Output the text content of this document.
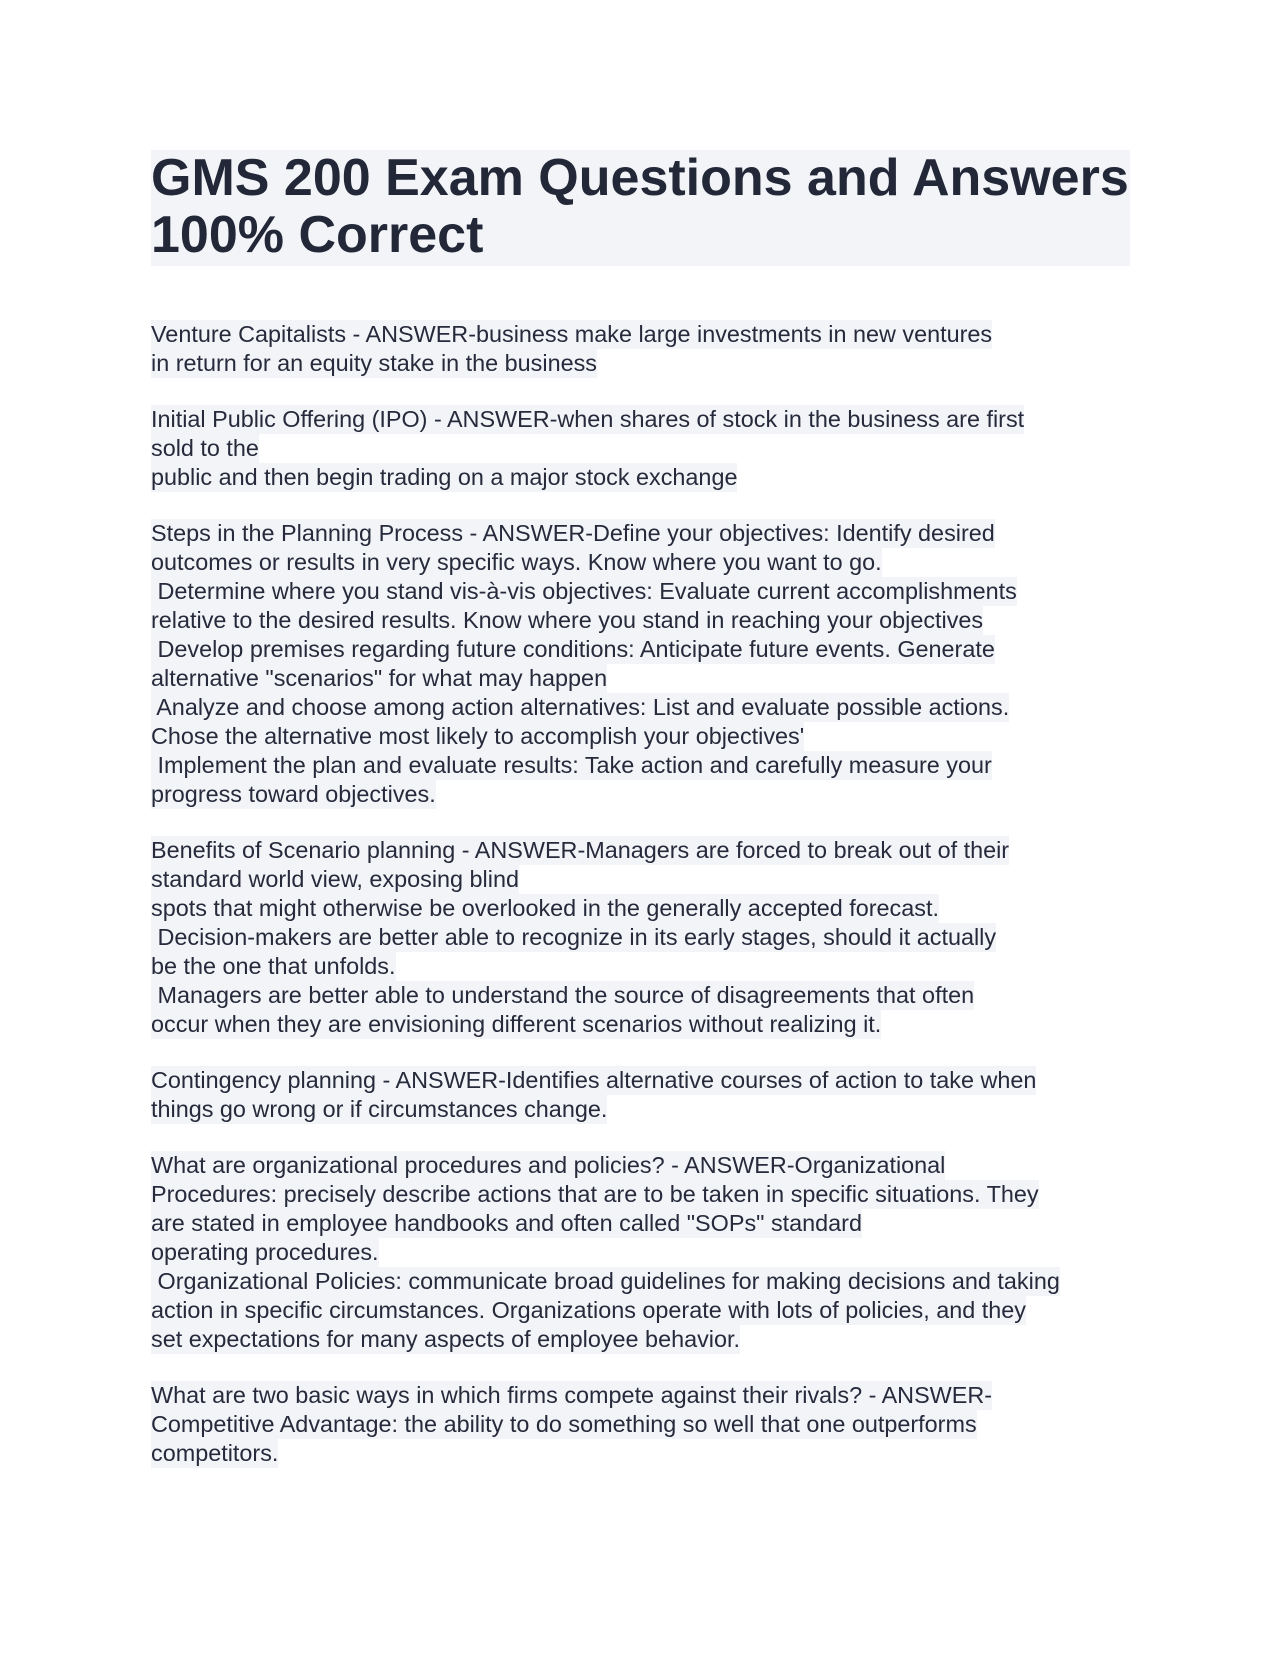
GMS 200 Exam Questions and Answers
100% Correct
Venture Capitalists - ANSWER-business make large investments in new ventures
in return for an equity stake in the business
Initial Public Offering (IPO) - ANSWER-when shares of stock in the business are first
sold to the
public and then begin trading on a major stock exchange
Steps in the Planning Process - ANSWER-Define your objectives: Identify desired
outcomes or results in very specific ways. Know where you want to go.
Determine where you stand vis-à-vis objectives: Evaluate current accomplishments
relative to the desired results. Know where you stand in reaching your objectives
Develop premises regarding future conditions: Anticipate future events. Generate
alternative "scenarios" for what may happen
Analyze and choose among action alternatives: List and evaluate possible actions.
Chose the alternative most likely to accomplish your objectives'
Implement the plan and evaluate results: Take action and carefully measure your
progress toward objectives.
Benefits of Scenario planning - ANSWER-Managers are forced to break out of their
standard world view, exposing blind
spots that might otherwise be overlooked in the generally accepted forecast.
Decision-makers are better able to recognize in its early stages, should it actually
be the one that unfolds.
Managers are better able to understand the source of disagreements that often
occur when they are envisioning different scenarios without realizing it.
Contingency planning - ANSWER-Identifies alternative courses of action to take when
things go wrong or if circumstances change.
What are organizational procedures and policies? - ANSWER-Organizational
Procedures: precisely describe actions that are to be taken in specific situations. They
are stated in employee handbooks and often called "SOPs" standard
operating procedures.
Organizational Policies: communicate broad guidelines for making decisions and taking
action in specific circumstances. Organizations operate with lots of policies, and they
set expectations for many aspects of employee behavior.
What are two basic ways in which firms compete against their rivals? - ANSWER-
Competitive Advantage: the ability to do something so well that one outperforms
competitors.
